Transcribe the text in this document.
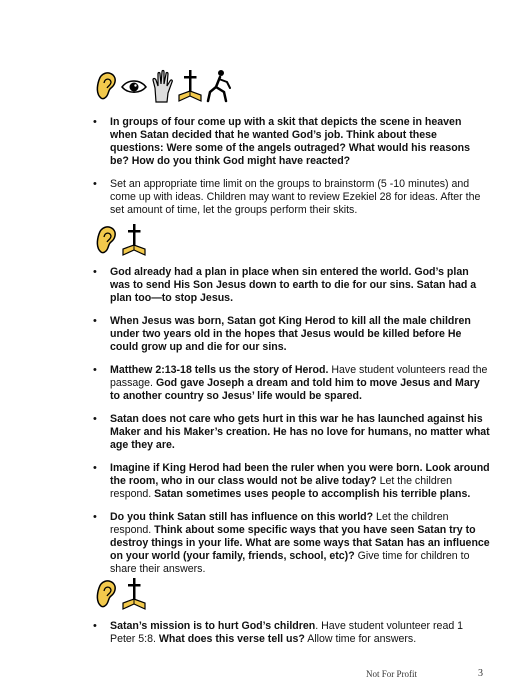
• In groups of four come up with a skit that depicts the scene in heaven when Satan decided that he wanted God’s job. Think about these questions: Were some of the angels outraged? What would his reasons be? How do you think God might have reacted?
• Set an appropriate time limit on the groups to brainstorm (5 -10 minutes) and come up with ideas. Children may want to review Ezekiel 28 for ideas. After the set amount of time, let the groups perform their skits.
• God already had a plan in place when sin entered the world. God’s plan was to send His Son Jesus down to earth to die for our sins. Satan had a plan too—to stop Jesus.
• When Jesus was born, Satan got King Herod to kill all the male children under two years old in the hopes that Jesus would be killed before He could grow up and die for our sins.
• Matthew 2:13-18 tells us the story of Herod. Have student volunteers read the passage. God gave Joseph a dream and told him to move Jesus and Mary to another country so Jesus’ life would be spared.
• Satan does not care who gets hurt in this war he has launched against his Maker and his Maker’s creation. He has no love for humans, no matter what age they are.
• Imagine if King Herod had been the ruler when you were born. Look around the room, who in our class would not be alive today? Let the children respond. Satan sometimes uses people to accomplish his terrible plans.
• Do you think Satan still has influence on this world? Let the children respond. Think about some specific ways that you have seen Satan try to destroy things in your life. What are some ways that Satan has an influence on your world (your family, friends, school, etc)? Give time for children to share their answers.
• Satan’s mission is to hurt God’s children. Have student volunteer read 1 Peter 5:8. What does this verse tell us? Allow time for answers.
Not For Profit	3
